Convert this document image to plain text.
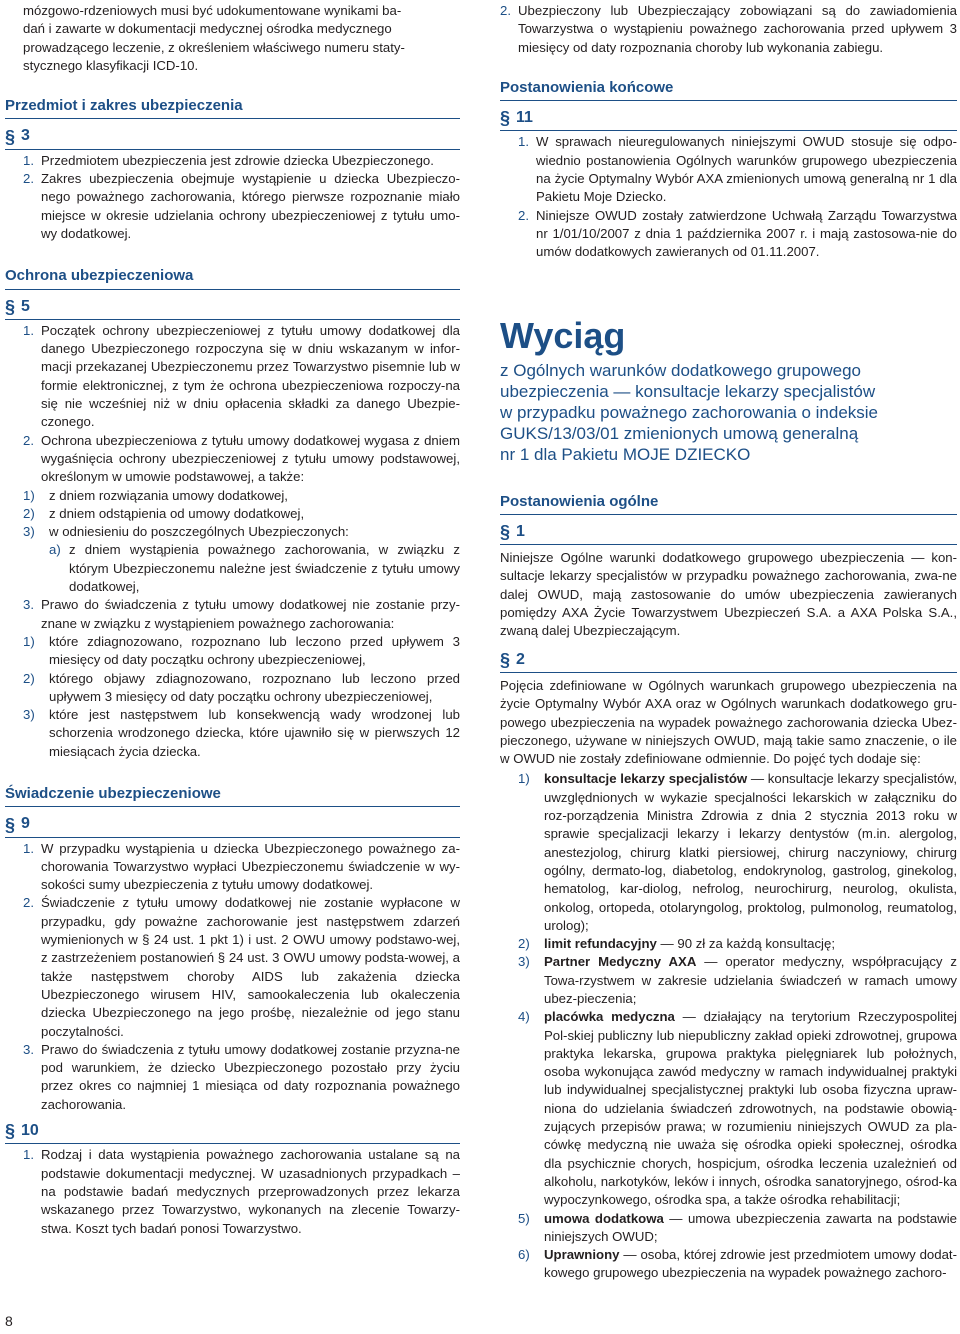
mózgowo-rdzeniowych musi być udokumentowane wynikami ba-

dań i zawarte w dokumentacji medycznej ośrodka medycznego

prowadzącego leczenie, z określeniem właściwego numeru staty-

stycznego klasyfikacji ICD-10.

Przedmiot i zakres ubezpieczenia
§ 3
1. Przedmiotem ubezpieczenia jest zdrowie dziecka Ubezpieczonego.
2. Zakres ubezpieczenia obejmuje wystąpienie u dziecka Ubezpieczo-nego poważnego zachorowania, którego pierwsze rozpoznanie miało miejsce w okresie udzielania ochrony ubezpieczeniowej z tytułu umo-wy dodatkowej.
Ochrona ubezpieczeniowa
§ 5
1. Początek ochrony ubezpieczeniowej z tytułu umowy dodatkowej dla danego Ubezpieczonego rozpoczyna się w dniu wskazanym w infor-macji przekazanej Ubezpieczonemu przez Towarzystwo pisemnie lub w formie elektronicznej, z tym że ochrona ubezpieczeniowa rozpoczy-na się nie wcześniej niż w dniu opłacenia składki za danego Ubezpie-czonego.
2. Ochrona ubezpieczeniowa z tytułu umowy dodatkowej wygasa z dniem wygaśnięcia ochrony ubezpieczeniowej z tytułu umowy podstawowej, określonym w umowie podstawowej, a także:
1)	z dniem rozwiązania umowy dodatkowej,
2)	z dniem odstąpienia od umowy dodatkowej,
3)	w odniesieniu do poszczególnych Ubezpieczonych:
a) z dniem wystąpienia poważnego zachorowania, w związku z którym Ubezpieczonemu należne jest świadczenie z tytułu umowy dodatkowej,
3. Prawo do świadczenia z tytułu umowy dodatkowej nie zostanie przy-znane w związku z wystąpieniem poważnego zachorowania:
1)	które zdiagnozowano, rozpoznano lub leczono przed upływem 3 miesięcy od daty początku ochrony ubezpieczeniowej,
2)	którego objawy zdiagnozowano, rozpoznano lub leczono przed upływem 3 miesięcy od daty początku ochrony ubezpieczeniowej,
3)	które jest następstwem lub konsekwencją wady wrodzonej lub schorzenia wrodzonego dziecka, które ujawniło się w pierwszych 12 miesiącach życia dziecka.
Świadczenie ubezpieczeniowe
§ 9
1. W przypadku wystąpienia u dziecka Ubezpieczonego poważnego za-chorowania Towarzystwo wypłaci Ubezpieczonemu świadczenie w wy-sokości sumy ubezpieczenia z tytułu umowy dodatkowej.
2. Świadczenie z tytułu umowy dodatkowej nie zostanie wypłacone w przypadku, gdy poważne zachorowanie jest następstwem zdarzeń wymienionych w § 24 ust. 1 pkt 1) i ust. 2 OWU umowy podstawo-wej, z zastrzeżeniem postanowień § 24 ust. 3 OWU umowy podsta-wowej, a także następstwem choroby AIDS lub zakażenia dziecka Ubezpieczonego wirusem HIV, samookaleczenia lub okaleczenia dziecka Ubezpieczonego na jego prośbę, niezależnie od jego stanu poczytalności.
3. Prawo do świadczenia z tytułu umowy dodatkowej zostanie przyzna-ne pod warunkiem, że dziecko Ubezpieczonego pozostało przy życiu przez okres co najmniej 1 miesiąca od daty rozpoznania poważnego zachorowania.
§ 10
1. Rodzaj i data wystąpienia poważnego zachorowania ustalane są na podstawie dokumentacji medycznej. W uzasadnionych przypadkach – na podstawie badań medycznych przeprowadzonych przez lekarza wskazanego przez Towarzystwo, wykonanych na zlecenie Towarzy-stwa. Koszt tych badań ponosi Towarzystwo.
2. Ubezpieczony lub Ubezpieczający zobowiązani są do zawiadomienia Towarzystwa o wystąpieniu poważnego zachorowania przed upływem 3 miesięcy od daty rozpoznania choroby lub wykonania zabiegu.
Postanowienia końcowe
§ 11
1. W sprawach nieuregulowanych niniejszymi OWUD stosuje się odpo-wiednio postanowienia Ogólnych warunków grupowego ubezpieczenia na życie Optymalny Wybór AXA zmienionych umową generalną nr 1 dla Pakietu Moje Dziecko.
2. Niniejsze OWUD zostały zatwierdzone Uchwałą Zarządu Towarzystwa nr 1/01/10/2007 z dnia 1 października 2007 r. i mają zastosowa-nie do umów dodatkowych zawieranych od 01.11.2007.
Wyciąg

z Ogólnych warunków dodatkowego grupowego

ubezpieczenia — konsultacje lekarzy specjalistów

w przypadku poważnego zachorowania o indeksie

GUKS/13/03/01 zmienionych umową generalną

nr 1 dla Pakietu MOJE DZIECKO

Postanowienia ogólne
§ 1

Niniejsze Ogólne warunki dodatkowego grupowego ubezpieczenia — kon-sultacje lekarzy specjalistów w przypadku poważnego zachorowania, zwa-ne dalej OWUD, mają zastosowanie do umów ubezpieczenia zawieranych pomiędzy AXA Życie Towarzystwem Ubezpieczeń S.A. a AXA Polska S.A., zwaną dalej Ubezpieczającym.

§ 2

Pojęcia zdefiniowane w Ogólnych warunkach grupowego ubezpieczenia na życie Optymalny Wybór AXA oraz w Ogólnych warunkach dodatkowego gru-powego ubezpieczenia na wypadek poważnego zachorowania dziecka Ubez-pieczonego, używane w niniejszych OWUD, mają takie samo znaczenie, o ile w OWUD nie zostały zdefiniowane odmiennie. Do pojęć tych dodaje się:

1)	konsultacje lekarzy specjalistów — konsultacje lekarzy specjalistów, uwzględnionych w wykazie specjalności lekarskich w załączniku do roz-porządzenia Ministra Zdrowia z dnia 2 stycznia 2013 roku w sprawie specjalizacji lekarzy i lekarzy dentystów (m.in. alergolog, anestezjolog, chirurg klatki piersiowej, chirurg naczyniowy, chirurg ogólny, dermato-log, diabetolog, endokrynolog, gastrolog, ginekolog, hematolog, kar-diolog, nefrolog, neurochirurg, neurolog, okulista, onkolog, ortopeda, otolaryngolog, proktolog, pulmonolog, reumatolog, urolog);
2)	limit refundacyjny — 90 zł za każdą konsultację;
3)	Partner Medyczny AXA — operator medyczny, współpracujący z Towa-rzystwem w zakresie udzielania świadczeń w ramach umowy ubez-pieczenia;
4)	placówka medyczna — działający na terytorium Rzeczypospolitej Pol-skiej publiczny lub niepubliczny zakład opieki zdrowotnej, grupowa praktyka lekarska, grupowa praktyka pielęgniarek lub położnych, osoba wykonująca zawód medyczny w ramach indywidualnej praktyki lub indywidualnej specjalistycznej praktyki lub osoba fizyczna upraw-niona do udzielania świadczeń zdrowotnych, na podstawie obowią-zujących przepisów prawa; w rozumieniu niniejszych OWUD za pla-cówkę medyczną nie uważa się ośrodka opieki społecznej, ośrodka dla psychicznie chorych, hospicjum, ośrodka leczenia uzależnień od alkoholu, narkotyków, leków i innych, ośrodka sanatoryjnego, ośrod-ka wypoczynkowego, ośrodka spa, a także ośrodka rehabilitacji;
5)	umowa dodatkowa — umowa ubezpieczenia zawarta na podstawie niniejszych OWUD;
6)	Uprawniony — osoba, której zdrowie jest przedmiotem umowy dodat-kowego grupowego ubezpieczenia na wypadek poważnego zachoro-
8
